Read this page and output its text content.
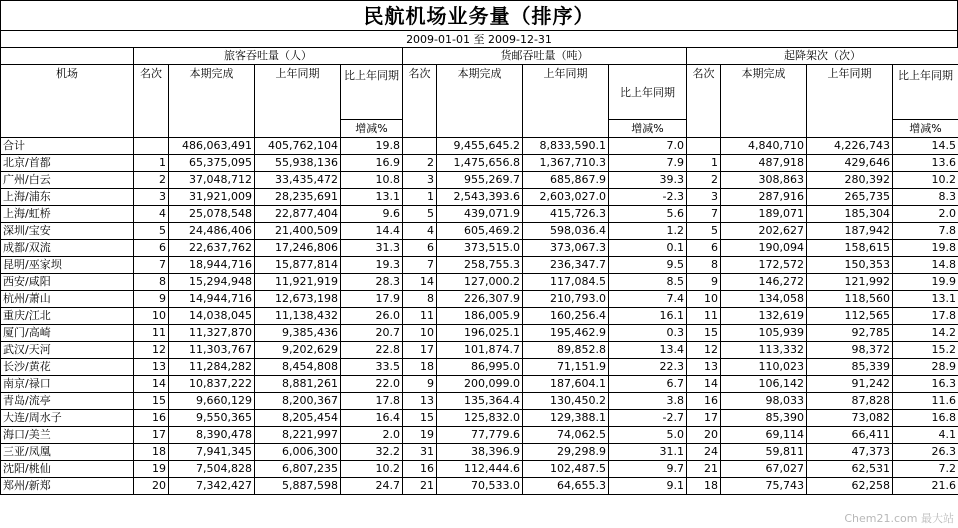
民航机场业务量（排序）
2009-01-01 至 2009-12-31
	旅客吞吐量（人）				货邮吞吐量（吨）				起降架次（次）			
机场	名次	本期完成	上年同期	比上年同期	名次	本期完成	上年同期	比上年同期	名次	本期完成	上年同期	比上年同期
				增减%				增减%				增减%
合计		486,063,491	405,762,104	19.8		9,455,645.2	8,833,590.1	7.0		4,840,710	4,226,743	14.5
北京/首都	1	65,375,095	55,938,136	16.9	2	1,475,656.8	1,367,710.3	7.9	1	487,918	429,646	13.6
广州/白云	2	37,048,712	33,435,472	10.8	3	955,269.7	685,867.9	39.3	2	308,863	280,392	10.2
上海/浦东	3	31,921,009	28,235,691	13.1	1	2,543,393.6	2,603,027.0	-2.3	3	287,916	265,735	8.3
上海/虹桥	4	25,078,548	22,877,404	9.6	5	439,071.9	415,726.3	5.6	7	189,071	185,304	2.0
深圳/宝安	5	24,486,406	21,400,509	14.4	4	605,469.2	598,036.4	1.2	5	202,627	187,942	7.8
成都/双流	6	22,637,762	17,246,806	31.3	6	373,515.0	373,067.3	0.1	6	190,094	158,615	19.8
昆明/巫家坝	7	18,944,716	15,877,814	19.3	7	258,755.3	236,347.7	9.5	8	172,572	150,353	14.8
西安/咸阳	8	15,294,948	11,921,919	28.3	14	127,000.2	117,084.5	8.5	9	146,272	121,992	19.9
杭州/萧山	9	14,944,716	12,673,198	17.9	8	226,307.9	210,793.0	7.4	10	134,058	118,560	13.1
重庆/江北	10	14,038,045	11,138,432	26.0	11	186,005.9	160,256.4	16.1	11	132,619	112,565	17.8
厦门/高崎	11	11,327,870	9,385,436	20.7	10	196,025.1	195,462.9	0.3	15	105,939	92,785	14.2
武汉/天河	12	11,303,767	9,202,629	22.8	17	101,874.7	89,852.8	13.4	12	113,332	98,372	15.2
长沙/黄花	13	11,284,282	8,454,808	33.5	18	86,995.0	71,151.9	22.3	13	110,023	85,339	28.9
南京/禄口	14	10,837,222	8,881,261	22.0	9	200,099.0	187,604.1	6.7	14	106,142	91,242	16.3
青岛/流亭	15	9,660,129	8,200,367	17.8	13	135,364.4	130,450.2	3.8	16	98,033	87,828	11.6
大连/周水子	16	9,550,365	8,205,454	16.4	15	125,832.0	129,388.1	-2.7	17	85,390	73,082	16.8
海口/美兰	17	8,390,478	8,221,997	2.0	19	77,779.6	74,062.5	5.0	20	69,114	66,411	4.1
三亚/凤凰	18	7,941,345	6,006,300	32.2	31	38,396.9	29,298.9	31.1	24	59,811	47,373	26.3
沈阳/桃仙	19	7,504,828	6,807,235	10.2	16	112,444.6	102,487.5	9.7	21	67,027	62,531	7.2
郑州/新郑	20	7,342,427	5,887,598	24.7	21	70,533.0	64,655.3	9.1	18	75,743	62,258	21.6
Chem21.com 最大站
